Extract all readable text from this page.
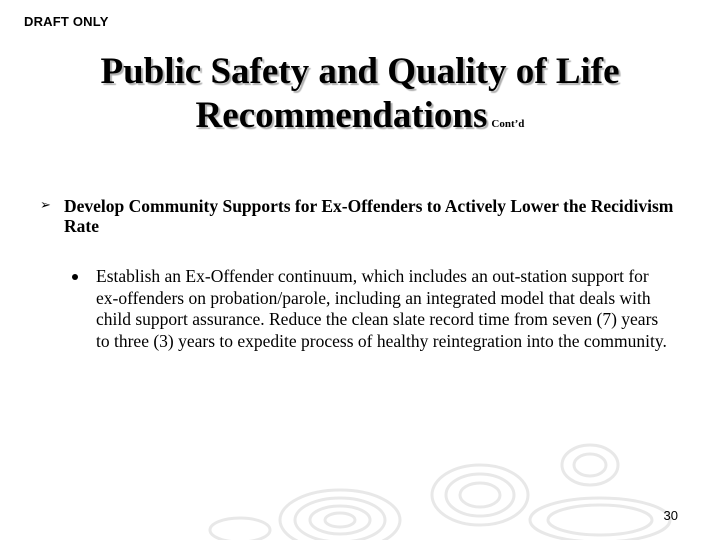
DRAFT ONLY
Public Safety and Quality of Life
Recommendations Cont’d
➢ Develop Community Supports for Ex-Offenders to Actively Lower the Recidivism Rate
Establish an Ex-Offender continuum, which includes an out-station support for ex-offenders on probation/parole, including an integrated model that deals with child support assurance. Reduce the clean slate record time from seven (7) years to three (3) years to expedite process of healthy reintegration into the community.
30
